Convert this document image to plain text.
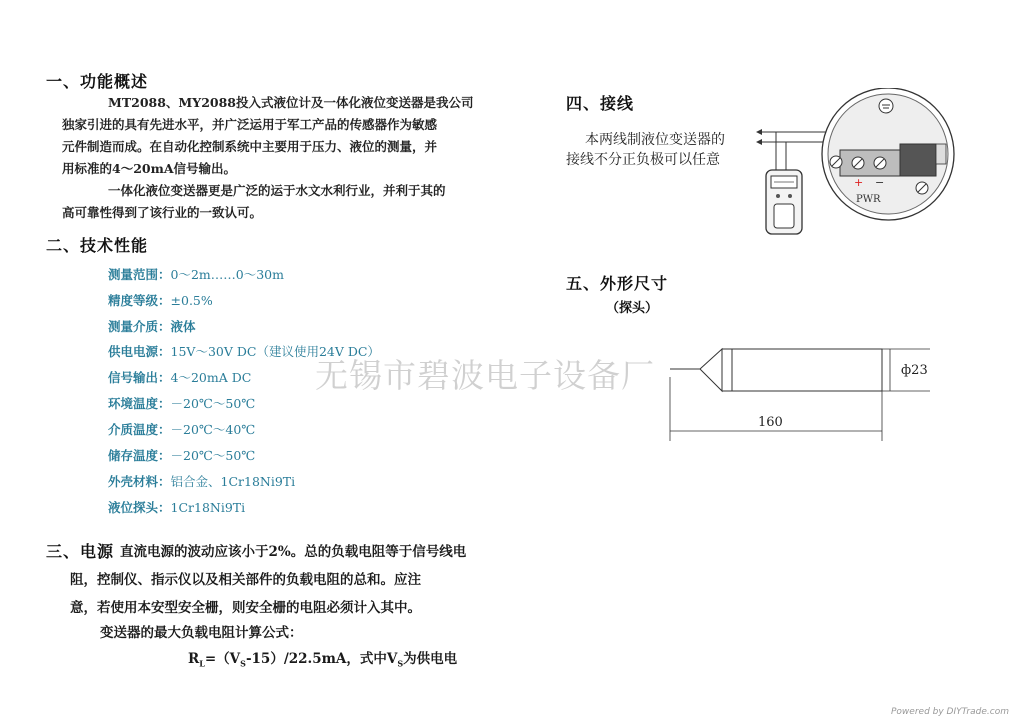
一、功能概述
MT2088、MY2088投入式液位计及一体化液位变送器是我公司
独家引进的具有先进水平，并广泛运用于军工产品的传感器作为敏感
元件制造而成。在自动化控制系统中主要用于压力、液位的测量，并
用标准的4～20mA信号输出。
一体化液位变送器更是广泛的运于水文水利行业，并利于其的
高可靠性得到了该行业的一致认可。
二、技术性能
测量范围：0～2m……0～30m
精度等级：±0.5%
测量介质：液体
供电电源：15V～30V DC（建议使用24V DC）
信号输出：4～20mA DC
环境温度：－20℃～50℃
介质温度：－20℃～40℃
储存温度：－20℃～50℃
外壳材料：铝合金、1Cr18Ni9Ti
液位探头：1Cr18Ni9Ti
三、电源 直流电源的波动应该小于2%。总的负载电阻等于信号线电
阻，控制仪、指示仪以及相关部件的负载电阻的总和。应注
意，若使用本安型安全栅，则安全栅的电阻必须计入其中。
变送器的最大负载电阻计算公式：
$R_L=(V_S-15)/22.5mA$，式中$V_S$为供电电
四、接线
本两线制液位变送器的
接线不分正负极可以任意
+ −
PWR
五、外形尺寸
（探头）
ф23
160
无锡市碧波电子设备厂
Powered by DIYTrade.com
